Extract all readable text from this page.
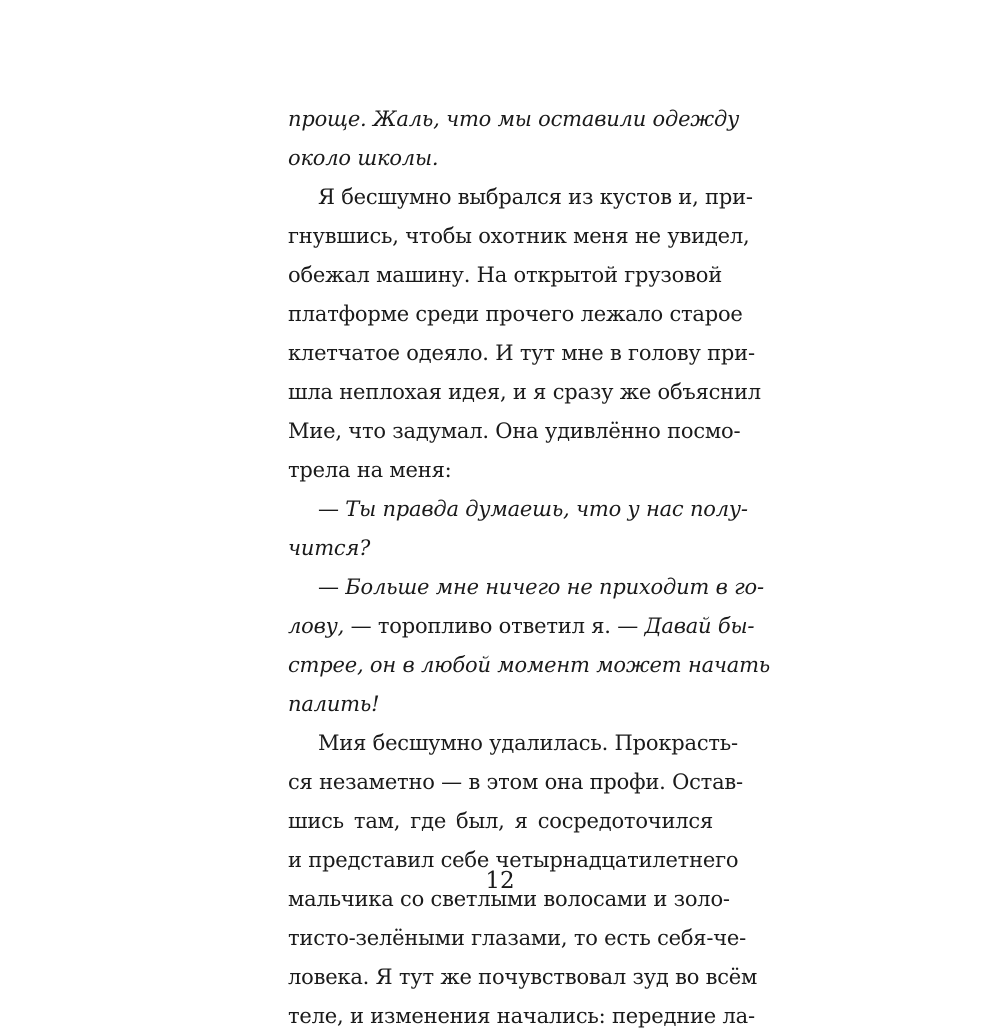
проще. Жаль, что мы оставили одежду
около школы.
Я бесшумно выбрался из кустов и, при-
гнувшись, чтобы охотник меня не увидел,
обежал машину. На открытой грузовой
платформе среди прочего лежало старое
клетчатое одеяло. И тут мне в голову при-
шла неплохая идея, и я сразу же объяснил
Мие, что задумал. Она удивлённо посмо-
трела на меня:
— Ты правда думаешь, что у нас полу-
чится?
— Больше мне ничего не приходит в го-
лову, — торопливо ответил я. — Давай бы-
стрее, он в любой момент может начать
палить!
Мия бесшумно удалилась. Прокрасть-
ся незаметно — в этом она профи. Остав-
шись там, где был, я сосредоточился
и представил себе четырнадцатилетнего
мальчика со светлыми волосами и золо-
тисто-зелёными глазами, то есть себя-че-
ловека. Я тут же почувствовал зуд во всём
теле, и изменения начались: передние ла-
12
